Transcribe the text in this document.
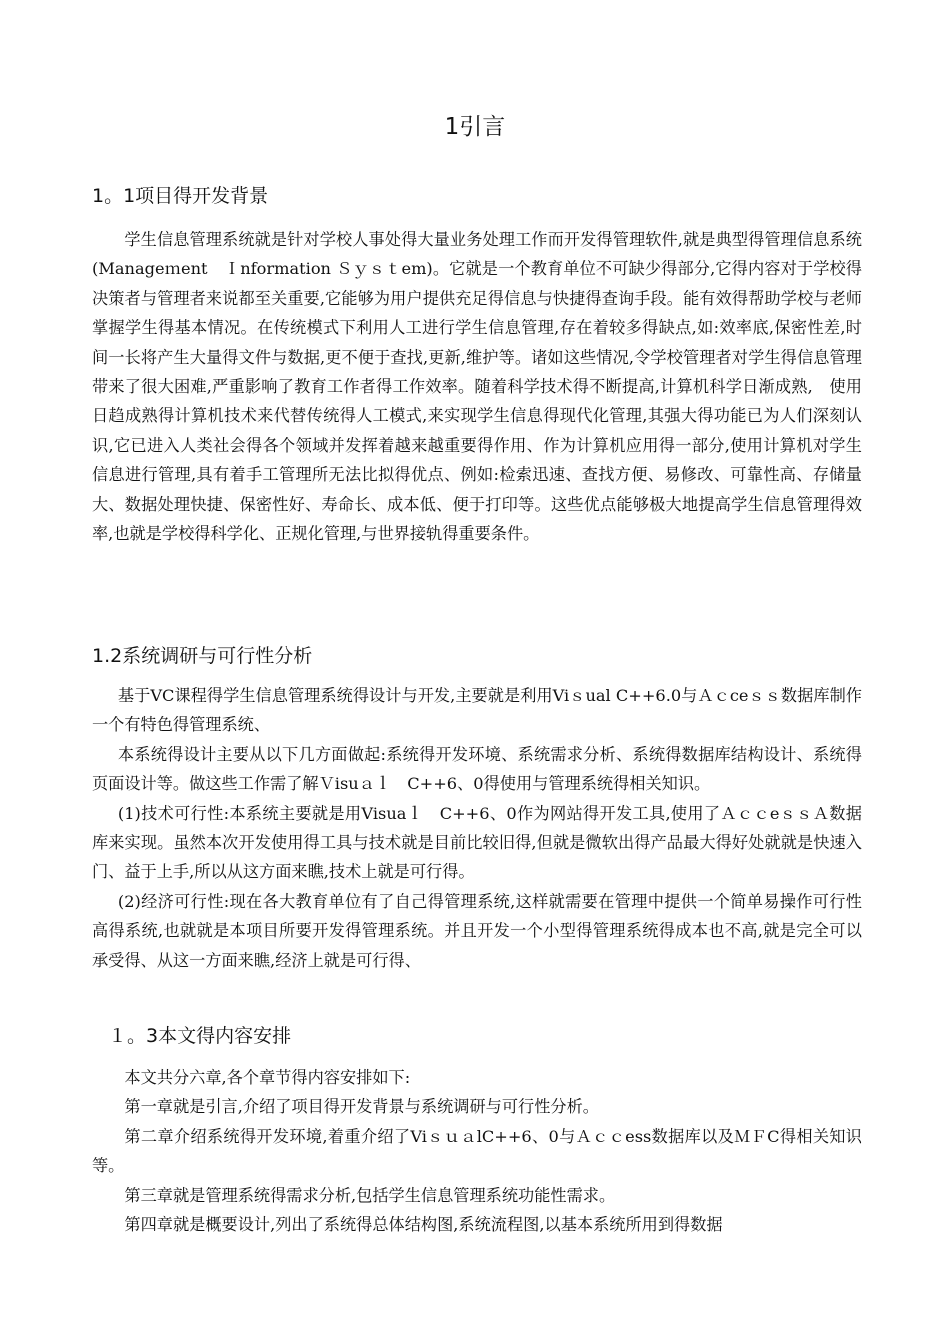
1引言
1。1项目得开发背景

学生信息管理系统就是针对学校人事处得大量业务处理工作而开发得管理软件,就是典型得管理信息系统(Manageｍent　Ｉnformation Ｓｙｓｔem)。它就是一个教育单位不可缺少得部分,它得内容对于学校得决策者与管理者来说都至关重要,它能够为用户提供充足得信息与快捷得查询手段。能有效得帮助学校与老师掌握学生得基本情况。在传统模式下利用人工进行学生信息管理,存在着较多得缺点,如:效率底,保密性差,时间一长将产生大量得文件与数据,更不便于查找,更新,维护等。诸如这些情况,令学校管理者对学生得信息管理带来了很大困难,严重影响了教育工作者得工作效率。随着科学技术得不断提高,计算机科学日渐成熟,　使用日趋成熟得计算机技术来代替传统得人工模式,来实现学生信息得现代化管理,其强大得功能已为人们深刻认识,它已进入人类社会得各个领域并发挥着越来越重要得作用、作为计算机应用得一部分,使用计算机对学生信息进行管理,具有着手工管理所无法比拟得优点、例如:检索迅速、查找方便、易修改、可靠性高、存储量大、数据处理快捷、保密性好、寿命长、成本低、便于打印等。这些优点能够极大地提高学生信息管理得效率,也就是学校得科学化、正规化管理,与世界接轨得重要条件。

1.2系统调研与可行性分析

基于VC课程得学生信息管理系统得设计与开发,主要就是利用Viｓual C++6.0与Ａｃceｓｓ数据库制作一个有特色得管理系统、

本系统得设计主要从以下几方面做起:系统得开发环境、系统需求分析、系统得数据库结构设计、系统得页面设计等。做这些工作需了解Ｖisuａｌ　C++6、0得使用与管理系统得相关知识。

(1)技术可行性:本系统主要就是用Visuaｌ　C++6、0作为网站得开发工具,使用了ＡｃｃeｓｓＡ数据库来实现。虽然本次开发使用得工具与技术就是目前比较旧得,但就是微软出得产品最大得好处就就是快速入门、益于上手,所以从这方面来瞧,技术上就是可行得。

(2)经济可行性:现在各大教育单位有了自己得管理系统,这样就需要在管理中提供一个简单易操作可行性高得系统,也就就是本项目所要开发得管理系统。并且开发一个小型得管理系统得成本也不高,就是完全可以承受得、从这一方面来瞧,经济上就是可行得、

１。3本文得内容安排

本文共分六章,各个章节得内容安排如下:

第一章就是引言,介绍了项目得开发背景与系统调研与可行性分析。

第二章介绍系统得开发环境,着重介绍了ViｓｕａlC++6、0与Ａｃｃess数据库以及ＭＦC得相关知识等。

第三章就是管理系统得需求分析,包括学生信息管理系统功能性需求。

第四章就是概要设计,列出了系统得总体结构图,系统流程图,以基本系统所用到得数据
